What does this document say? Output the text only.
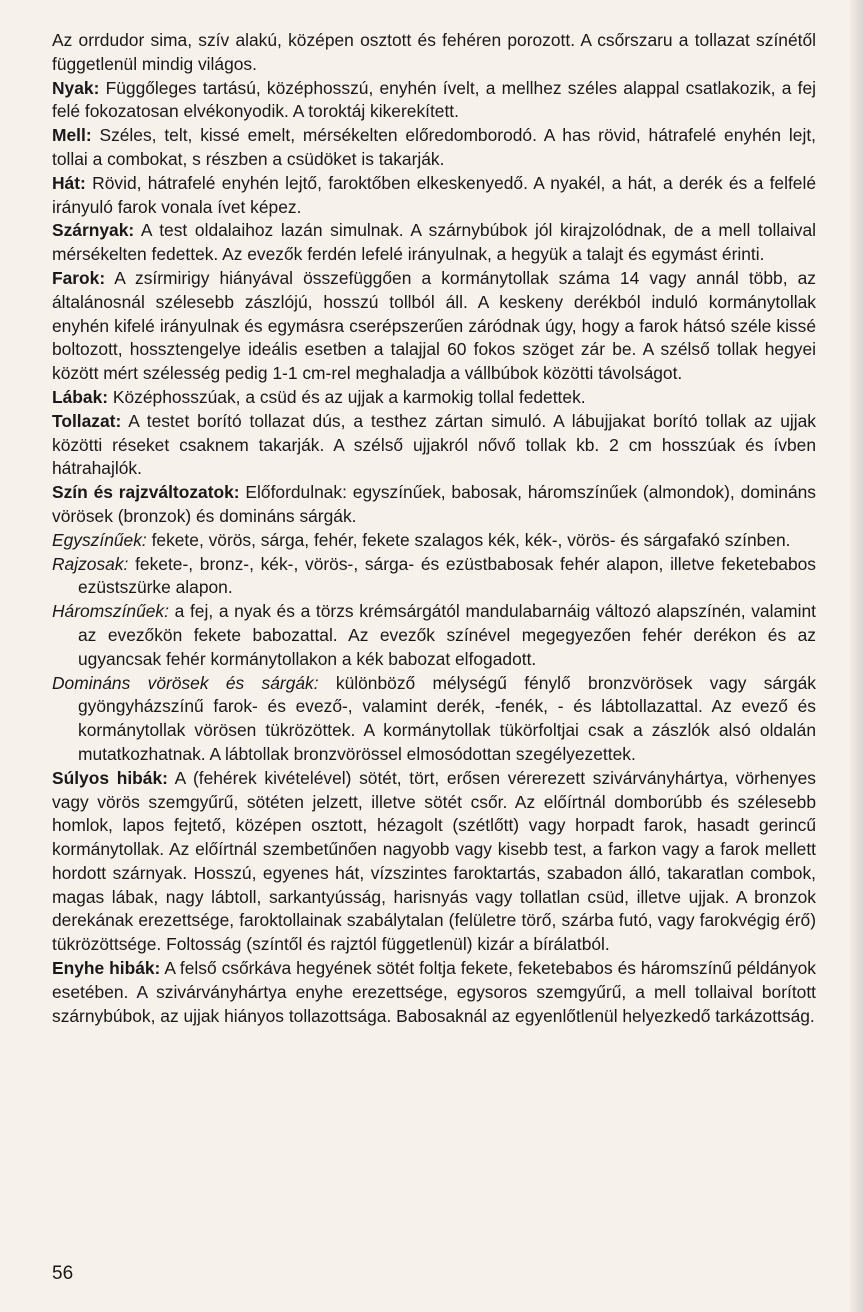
Az orrdudor sima, szív alakú, középen osztott és fehéren porozott. A csőrszaru a tollazat színétől függetlenül mindig világos.

Nyak: Függőleges tartású, középhosszú, enyhén ívelt, a mellhez széles alappal csatlakozik, a fej felé fokozatosan elvékonyodik. A toroktáj kikerekített.

Mell: Széles, telt, kissé emelt, mérsékelten előredomborodó. A has rövid, hátrafelé enyhén lejt, tollai a combokat, s részben a csüdöket is takarják.

Hát: Rövid, hátrafelé enyhén lejtő, faroktőben elkeskenyedő. A nyakél, a hát, a derék és a felfelé irányuló farok vonala ívet képez.

Szárnyak: A test oldalaihoz lazán simulnak. A szárnybúbok jól kirajzolódnak, de a mell tollaival mérsékelten fedettek. Az evezők ferdén lefelé irányulnak, a hegyük a talajt és egymást érinti.

Farok: A zsírmirigy hiányával összefüggően a kormánytollak száma 14 vagy annál több, az általánosnál szélesebb zászlójú, hosszú tollból áll. A keskeny derékból induló kormánytollak enyhén kifelé irányulnak és egymásra cserépszerűen záródnak úgy, hogy a farok hátsó széle kissé boltozott, hossztengelye ideális esetben a talajjal 60 fokos szöget zár be. A szélső tollak hegyei között mért szélesség pedig 1-1 cm-rel meghaladja a vállbúbok közötti távolságot.

Lábak: Középhosszúak, a csüd és az ujjak a karmokig tollal fedettek.

Tollazat: A testet borító tollazat dús, a testhez zártan simuló. A lábujjakat borító tollak az ujjak közötti réseket csaknem takarják. A szélső ujjakról nővő tollak kb. 2 cm hosszúak és ívben hátrahajlók.

Szín és rajzváltozatok: Előfordulnak: egyszínűek, babosak, háromszínűek (almondok), domináns vörösek (bronzok) és domináns sárgák.

Egyszínűek: fekete, vörös, sárga, fehér, fekete szalagos kék, kék-, vörös- és sárgafakó színben.

Rajzosak: fekete-, bronz-, kék-, vörös-, sárga- és ezüstbabosak fehér alapon, illetve feketebabos ezüstszürke alapon.

Háromszínűek: a fej, a nyak és a törzs krémsárgától mandulabarnáig változó alapszínén, valamint az evezőkön fekete babozattal. Az evezők színével megegyezően fehér derékon és az ugyancsak fehér kormánytollakon a kék babozat elfogadott.

Domináns vörösek és sárgák: különböző mélységű fénylő bronzvörösek vagy sárgák gyöngyházszínű farok- és evező-, valamint derék, -fenék, - és lábtollazattal. Az evező és kormánytollak vörösen tükrözöttek. A kormánytollak tükörfoltjai csak a zászlók alsó oldalán mutatkozhatnak. A lábtollak bronzvörössel elmosódottan szegélyezettek.

Súlyos hibák: A (fehérek kivételével) sötét, tört, erősen vérerezett szivárványhártya, vörhenyes vagy vörös szemgyűrű, sötéten jelzett, illetve sötét csőr. Az előírtnál domborúbb és szélesebb homlok, lapos fejtető, középen osztott, hézagolt (szétlőtt) vagy horpadt farok, hasadt gerincű kormánytollak. Az előírtnál szembetűnően nagyobb vagy kisebb test, a farkon vagy a farok mellett hordott szárnyak. Hosszú, egyenes hát, vízszintes faroktartás, szabadon álló, takaratlan combok, magas lábak, nagy lábtoll, sarkantyússág, harisnyás vagy tollatlan csüd, illetve ujjak. A bronzok derekának erezettsége, faroktollainak szabálytalan (felületre törő, szárba futó, vagy farokvégig érő) tükrözöttsége. Foltosság (színtől és rajztól függetlenül) kizár a bírálatból.

Enyhe hibák: A felső csőrkáva hegyének sötét foltja fekete, feketebabos és háromszínű példányok esetében. A szivárványhártya enyhe erezettsége, egysoros szemgyűrű, a mell tollaival borított szárnybúbok, az ujjak hiányos tollazottsága. Babosaknál az egyenlőtlenül helyezkedő tarkázottság.

56
